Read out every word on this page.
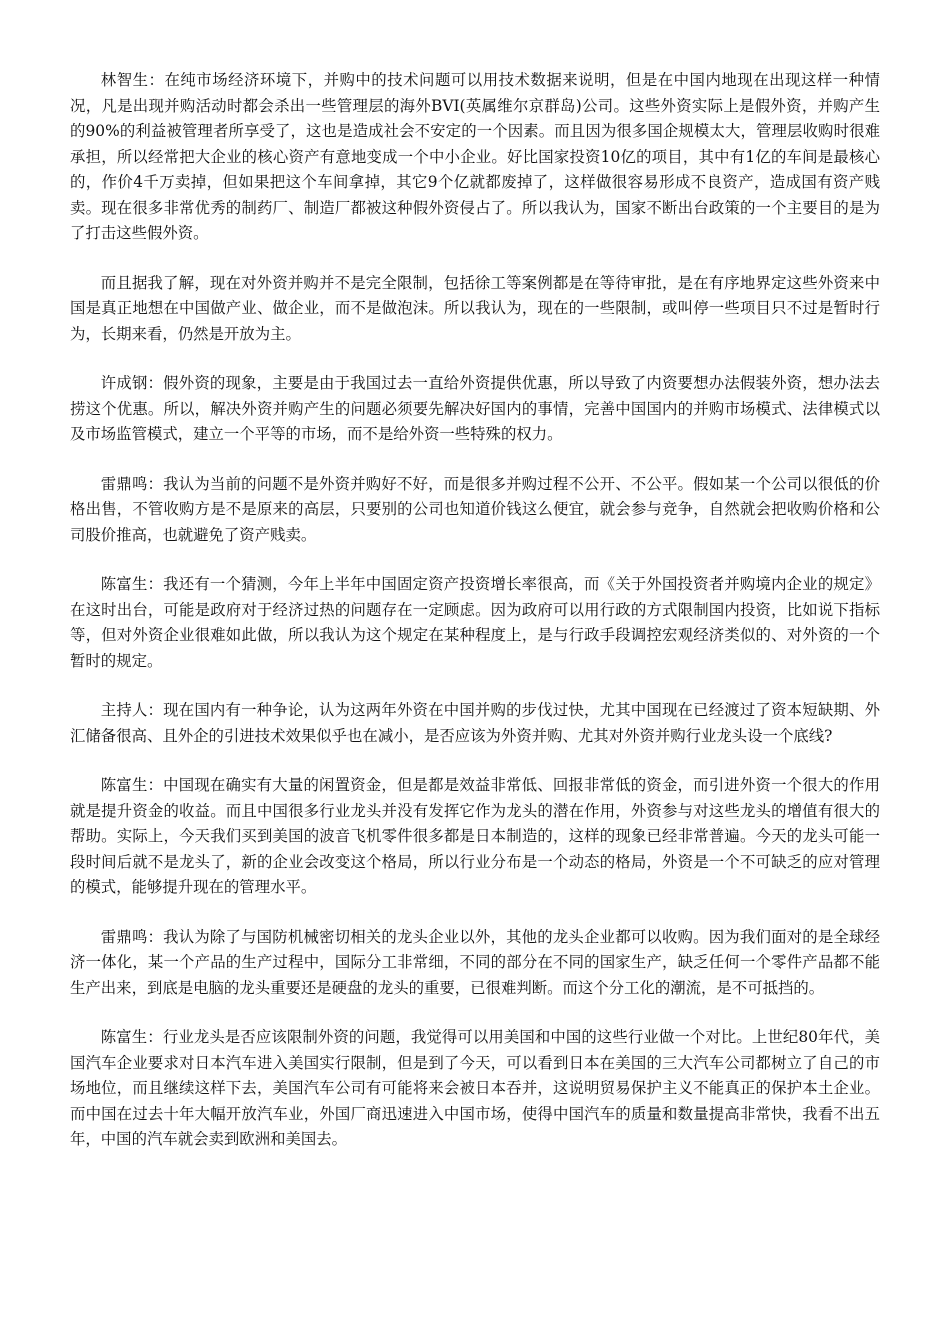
林智生：在纯市场经济环境下，并购中的技术问题可以用技术数据来说明，但是在中国内地现在出现这样一种情况，凡是出现并购活动时都会杀出一些管理层的海外BVI(英属维尔京群岛)公司。这些外资实际上是假外资，并购产生的90%的利益被管理者所享受了，这也是造成社会不安定的一个因素。而且因为很多国企规模太大，管理层收购时很难承担，所以经常把大企业的核心资产有意地变成一个中小企业。好比国家投资10亿的项目，其中有1亿的车间是最核心的，作价4千万卖掉，但如果把这个车间拿掉，其它9个亿就都废掉了，这样做很容易形成不良资产，造成国有资产贱卖。现在很多非常优秀的制药厂、制造厂都被这种假外资侵占了。所以我认为，国家不断出台政策的一个主要目的是为了打击这些假外资。

而且据我了解，现在对外资并购并不是完全限制，包括徐工等案例都是在等待审批，是在有序地界定这些外资来中国是真正地想在中国做产业、做企业，而不是做泡沫。所以我认为，现在的一些限制，或叫停一些项目只不过是暂时行为，长期来看，仍然是开放为主。

许成钢：假外资的现象，主要是由于我国过去一直给外资提供优惠，所以导致了内资要想办法假装外资，想办法去捞这个优惠。所以，解决外资并购产生的问题必须要先解决好国内的事情，完善中国国内的并购市场模式、法律模式以及市场监管模式，建立一个平等的市场，而不是给外资一些特殊的权力。

雷鼎鸣：我认为当前的问题不是外资并购好不好，而是很多并购过程不公开、不公平。假如某一个公司以很低的价格出售，不管收购方是不是原来的高层，只要别的公司也知道价钱这么便宜，就会参与竞争，自然就会把收购价格和公司股价推高，也就避免了资产贱卖。

陈富生：我还有一个猜测，今年上半年中国固定资产投资增长率很高，而《关于外国投资者并购境内企业的规定》在这时出台，可能是政府对于经济过热的问题存在一定顾虑。因为政府可以用行政的方式限制国内投资，比如说下指标等，但对外资企业很难如此做，所以我认为这个规定在某种程度上，是与行政手段调控宏观经济类似的、对外资的一个暂时的规定。

主持人：现在国内有一种争论，认为这两年外资在中国并购的步伐过快，尤其中国现在已经渡过了资本短缺期、外汇储备很高、且外企的引进技术效果似乎也在减小，是否应该为外资并购、尤其对外资并购行业龙头设一个底线?

陈富生：中国现在确实有大量的闲置资金，但是都是效益非常低、回报非常低的资金，而引进外资一个很大的作用就是提升资金的收益。而且中国很多行业龙头并没有发挥它作为龙头的潜在作用，外资参与对这些龙头的增值有很大的帮助。实际上，今天我们买到美国的波音飞机零件很多都是日本制造的，这样的现象已经非常普遍。今天的龙头可能一段时间后就不是龙头了，新的企业会改变这个格局，所以行业分布是一个动态的格局，外资是一个不可缺乏的应对管理的模式，能够提升现在的管理水平。

雷鼎鸣：我认为除了与国防机械密切相关的龙头企业以外，其他的龙头企业都可以收购。因为我们面对的是全球经济一体化，某一个产品的生产过程中，国际分工非常细，不同的部分在不同的国家生产，缺乏任何一个零件产品都不能生产出来，到底是电脑的龙头重要还是硬盘的龙头的重要，已很难判断。而这个分工化的潮流，是不可抵挡的。

陈富生：行业龙头是否应该限制外资的问题，我觉得可以用美国和中国的这些行业做一个对比。上世纪80年代，美国汽车企业要求对日本汽车进入美国实行限制，但是到了今天，可以看到日本在美国的三大汽车公司都树立了自己的市场地位，而且继续这样下去，美国汽车公司有可能将来会被日本吞并，这说明贸易保护主义不能真正的保护本土企业。而中国在过去十年大幅开放汽车业，外国厂商迅速进入中国市场，使得中国汽车的质量和数量提高非常快，我看不出五年，中国的汽车就会卖到欧洲和美国去。
